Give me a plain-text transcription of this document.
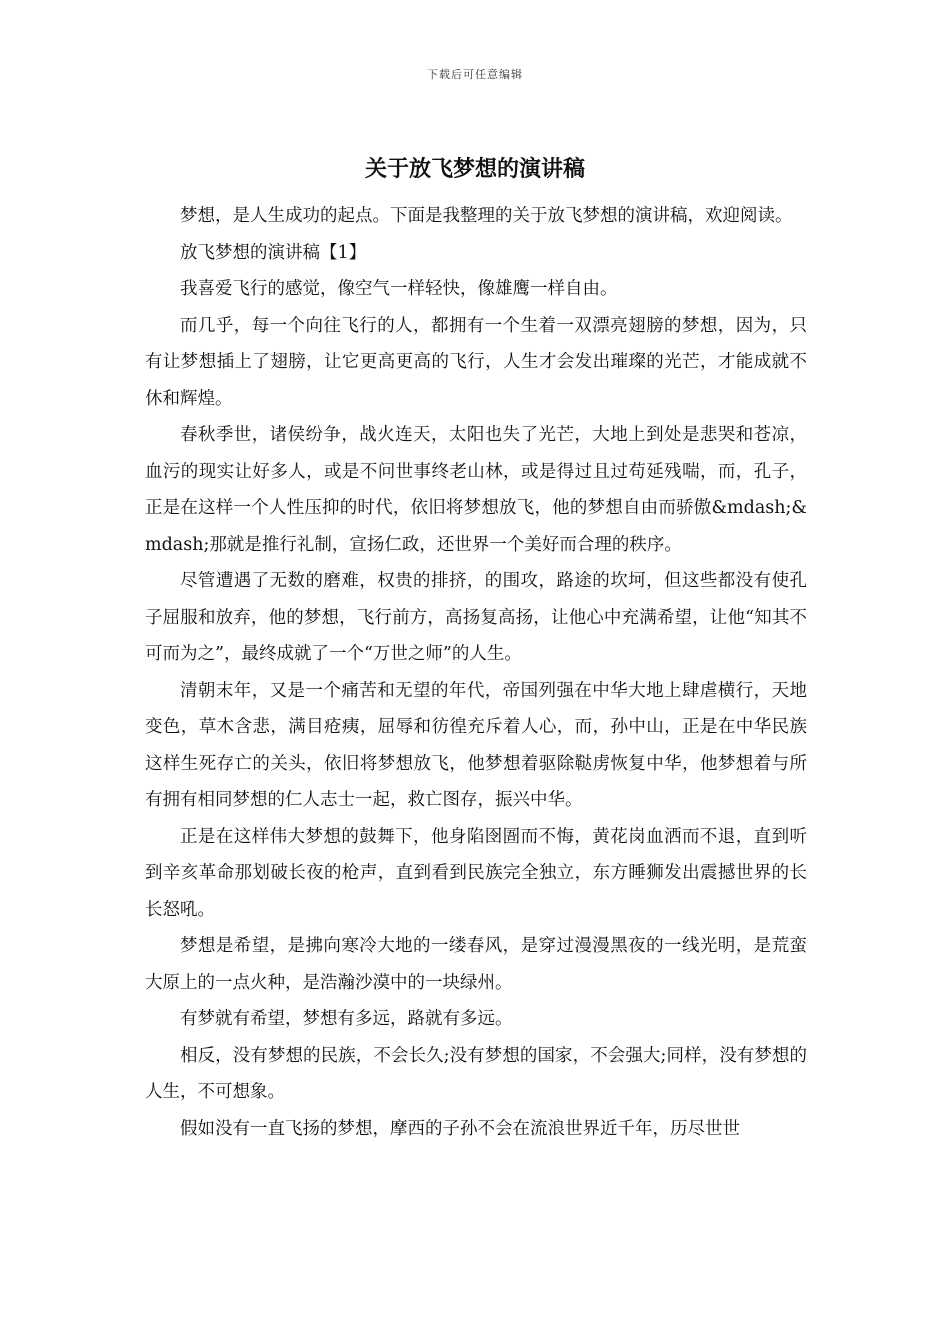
下载后可任意编辑
关于放飞梦想的演讲稿

梦想，是人生成功的起点。下面是我整理的关于放飞梦想的演讲稿，欢迎阅读。

放飞梦想的演讲稿【1】

我喜爱飞行的感觉，像空气一样轻快，像雄鹰一样自由。

而几乎，每一个向往飞行的人，都拥有一个生着一双漂亮翅膀的梦想，因为，只有让梦想插上了翅膀，让它更高更高的飞行，人生才会发出璀璨的光芒，才能成就不休和辉煌。

春秋季世，诸侯纷争，战火连天，太阳也失了光芒，大地上到处是悲哭和苍凉，血污的现实让好多人，或是不问世事终老山林，或是得过且过苟延残喘，而，孔子，正是在这样一个人性压抑的时代，依旧将梦想放飞，他的梦想自由而骄傲&mdash;&mdash;那就是推行礼制，宣扬仁政，还世界一个美好而合理的秩序。

尽管遭遇了无数的磨难，权贵的排挤，的围攻，路途的坎坷，但这些都没有使孔子屈服和放弃，他的梦想，飞行前方，高扬复高扬，让他心中充满希望，让他“知其不可而为之”，最终成就了一个“万世之师”的人生。

清朝末年，又是一个痛苦和无望的年代，帝国列强在中华大地上肆虐横行，天地变色，草木含悲，满目疮痍，屈辱和彷徨充斥着人心，而，孙中山，正是在中华民族这样生死存亡的关头，依旧将梦想放飞，他梦想着驱除鞑虏恢复中华，他梦想着与所有拥有相同梦想的仁人志士一起，救亡图存，振兴中华。

正是在这样伟大梦想的鼓舞下，他身陷囹圄而不悔，黄花岗血洒而不退，直到听到辛亥革命那划破长夜的枪声，直到看到民族完全独立，东方睡狮发出震撼世界的长长怒吼。

梦想是希望，是拂向寒冷大地的一缕春风，是穿过漫漫黑夜的一线光明，是荒蛮大原上的一点火种，是浩瀚沙漠中的一块绿州。

有梦就有希望，梦想有多远，路就有多远。

相反，没有梦想的民族，不会长久;没有梦想的国家，不会强大;同样，没有梦想的人生，不可想象。

假如没有一直飞扬的梦想，摩西的子孙不会在流浪世界近千年，历尽世世
